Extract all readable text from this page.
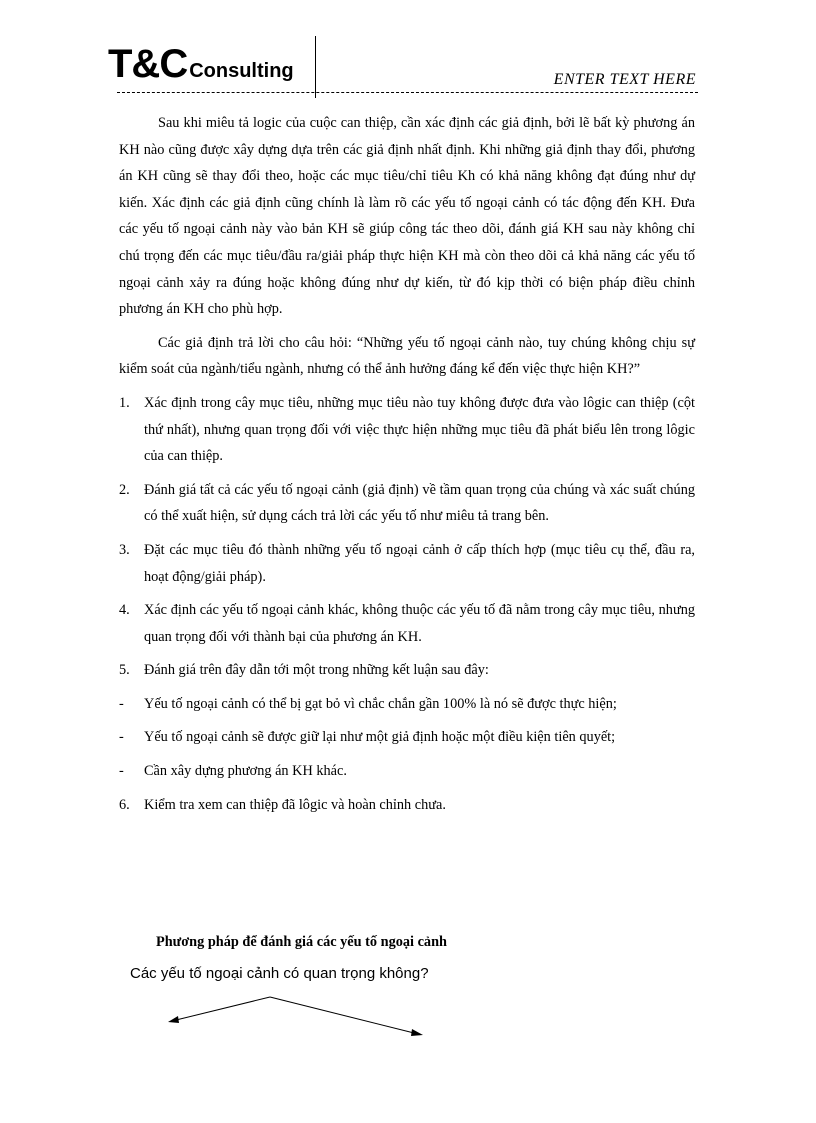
T&C Consulting	ENTER TEXT HERE

Sau khi miêu tả logic của cuộc can thiệp, cần xác định các giả định, bởi lẽ bất kỳ phương án KH nào cũng được xây dựng dựa trên các giả định nhất định. Khi những giả định thay đổi, phương án KH cũng sẽ thay đổi theo, hoặc các mục tiêu/chỉ tiêu Kh có khả năng không đạt đúng như dự kiến. Xác định các giả định cũng chính là làm rõ các yếu tố ngoại cảnh có tác động đến KH. Đưa các yếu tố ngoại cảnh này vào bản KH sẽ giúp công tác theo dõi, đánh giá KH sau này không chỉ chú trọng đến các mục tiêu/đầu ra/giải pháp thực hiện KH mà còn theo dõi cả khả năng các yếu tố ngoại cảnh xảy ra đúng hoặc không đúng như dự kiến, từ đó kịp thời có biện pháp điều chỉnh phương án KH cho phù hợp.

Các giả định trả lời cho câu hỏi: “Những yếu tố ngoại cảnh nào, tuy chúng không chịu sự kiểm soát của ngành/tiểu ngành, nhưng có thể ảnh hưởng đáng kể đến việc thực hiện KH?”

1. Xác định trong cây mục tiêu, những mục tiêu nào tuy không được đưa vào lôgic can thiệp (cột thứ nhất), nhưng quan trọng đối với việc thực hiện những mục tiêu đã phát biểu lên trong lôgic của can thiệp.
2. Đánh giá tất cả các yếu tố ngoại cảnh (giả định) về tầm quan trọng của chúng và xác suất chúng có thể xuất hiện, sử dụng cách trả lời các yếu tố như miêu tả trang bên.
3. Đặt các mục tiêu đó thành những yếu tố ngoại cảnh ở cấp thích hợp (mục tiêu cụ thể, đầu ra, hoạt động/giải pháp).
4. Xác định các yếu tố ngoại cảnh khác, không thuộc các yếu tố đã nằm trong cây mục tiêu, nhưng quan trọng đối với thành bại của phương án KH.
5. Đánh giá trên đây dẫn tới một trong những kết luận sau đây:
- Yếu tố ngoại cảnh có thể bị gạt bỏ vì chắc chắn gần 100% là nó sẽ được thực hiện;
- Yếu tố ngoại cảnh sẽ được giữ lại như một giả định hoặc một điều kiện tiên quyết;
- Cần xây dựng phương án KH khác.
6. Kiểm tra xem can thiệp đã lôgic và hoàn chỉnh chưa.
Phương pháp để đánh giá các yếu tố ngoại cảnh
Các yếu tố ngoại cảnh có quan trọng không?
